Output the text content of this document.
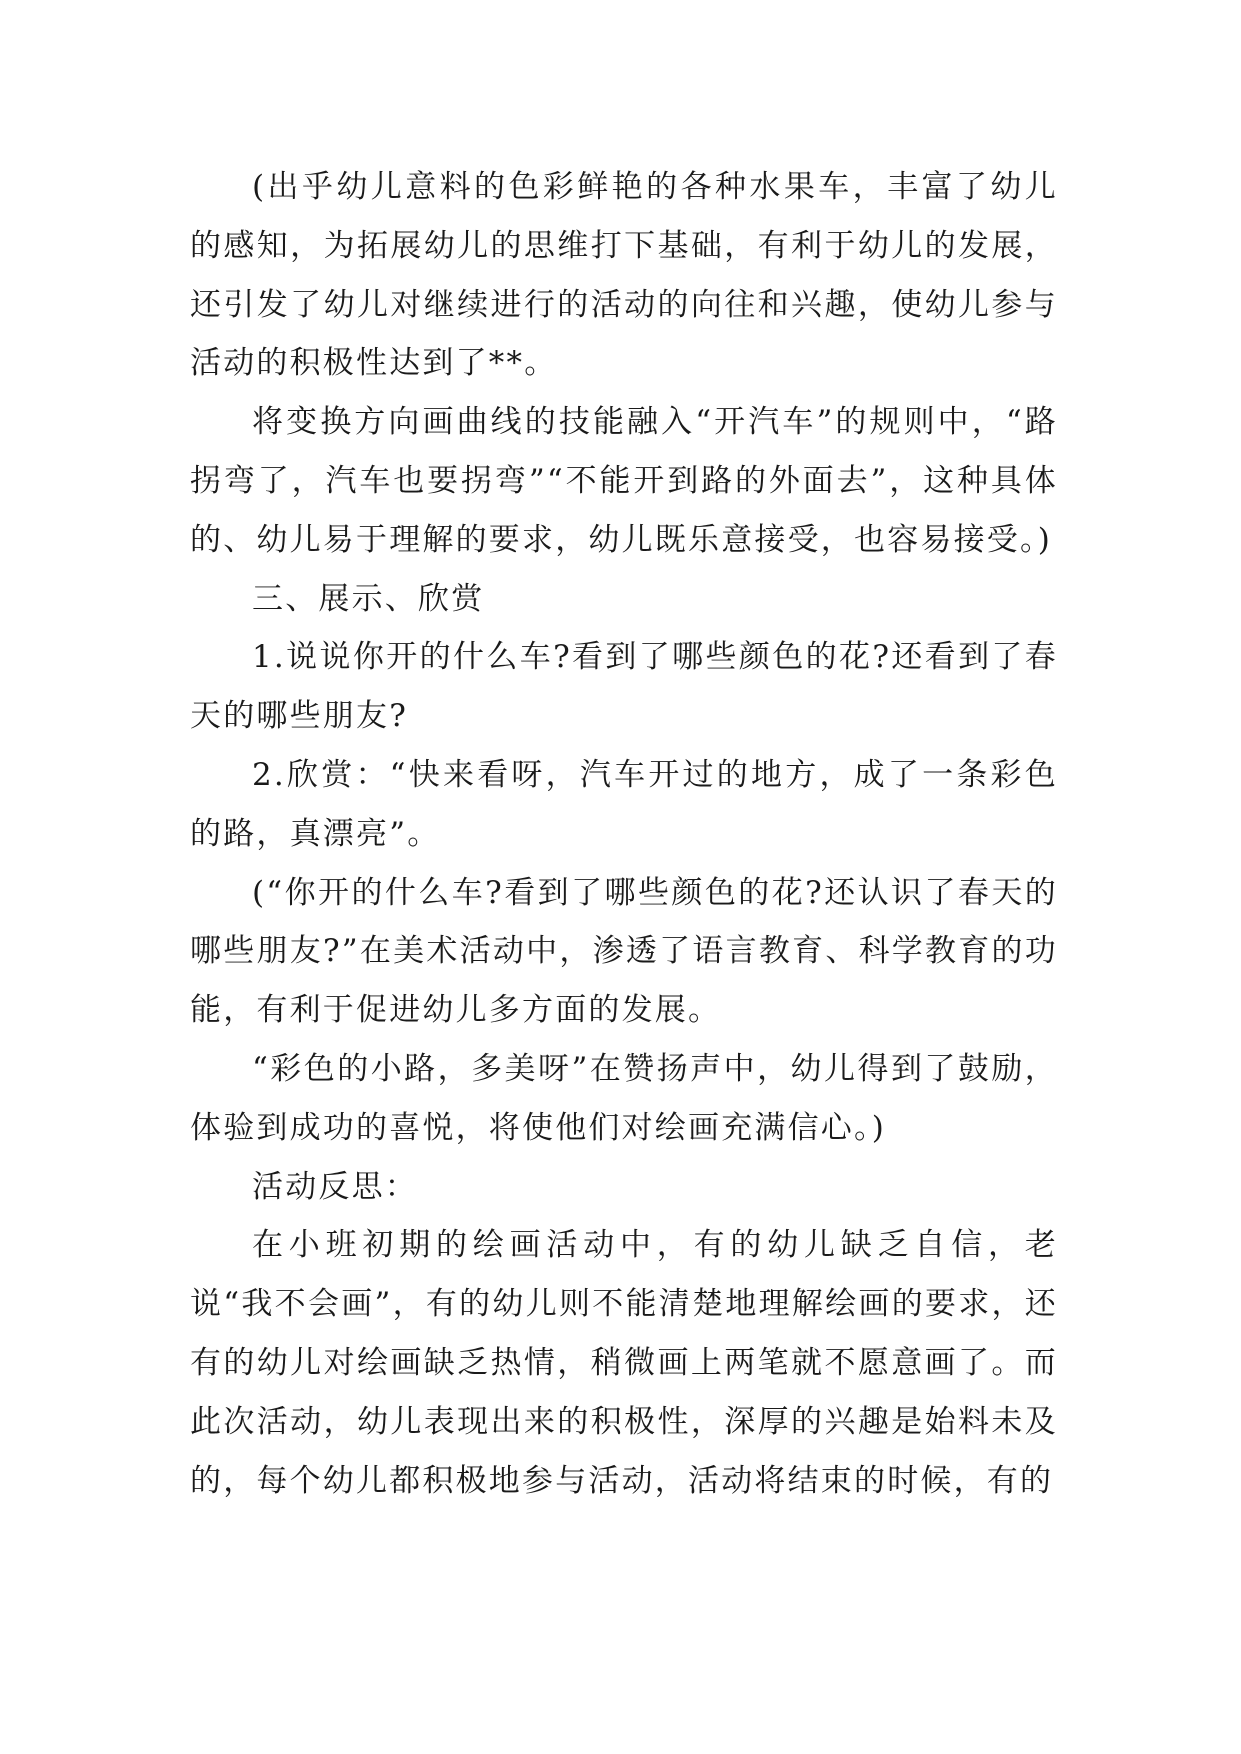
(出乎幼儿意料的色彩鲜艳的各种水果车，丰富了幼儿的感知，为拓展幼儿的思维打下基础，有利于幼儿的发展，还引发了幼儿对继续进行的活动的向往和兴趣，使幼儿参与活动的积极性达到了**。

将变换方向画曲线的技能融入“开汽车”的规则中，“路拐弯了，汽车也要拐弯”“不能开到路的外面去”，这种具体的、幼儿易于理解的要求，幼儿既乐意接受，也容易接受。)

三、展示、欣赏

1.说说你开的什么车?看到了哪些颜色的花?还看到了春天的哪些朋友?

2.欣赏：“快来看呀，汽车开过的地方，成了一条彩色的路，真漂亮”。

(“你开的什么车?看到了哪些颜色的花?还认识了春天的哪些朋友?”在美术活动中，渗透了语言教育、科学教育的功能，有利于促进幼儿多方面的发展。

“彩色的小路，多美呀”在赞扬声中，幼儿得到了鼓励，体验到成功的喜悦，将使他们对绘画充满信心。)

活动反思：

在小班初期的绘画活动中，有的幼儿缺乏自信，老说“我不会画”，有的幼儿则不能清楚地理解绘画的要求，还有的幼儿对绘画缺乏热情，稍微画上两笔就不愿意画了。而此次活动，幼儿表现出来的积极性，深厚的兴趣是始料未及的，每个幼儿都积极地参与活动，活动将结束的时候，有的
